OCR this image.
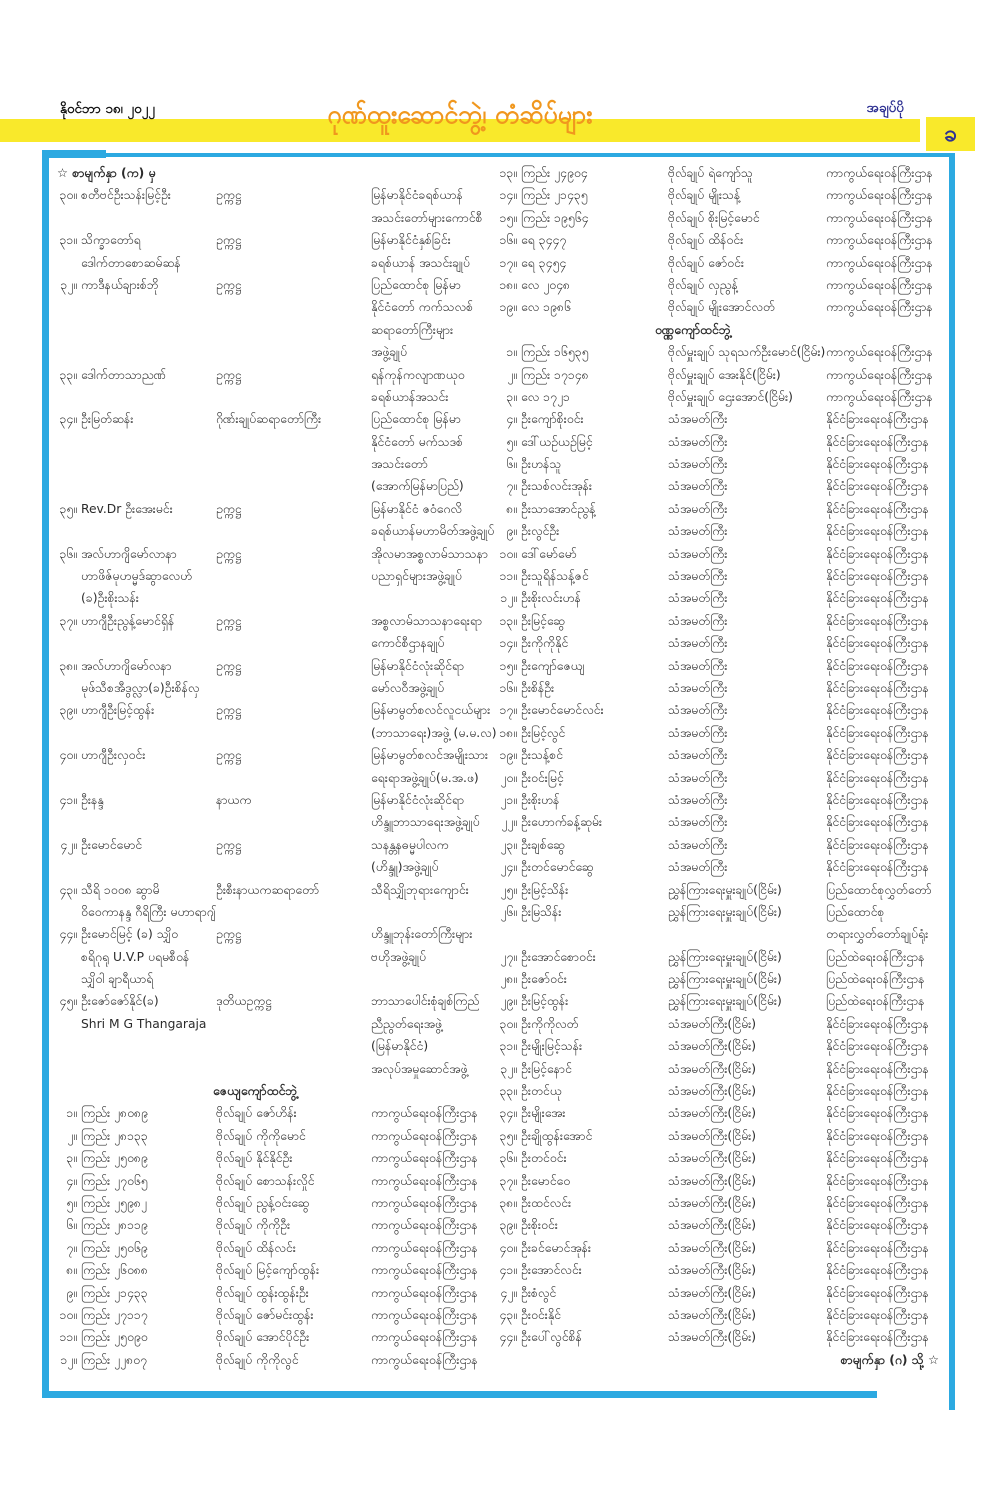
နိုဝင်ဘာ ၁၈၊ ၂၀၂၂	ဂုဏ်ထူးဆောင်ဘွဲ့၊ တံဆိပ်များ	အချပ်ပို
ခ
☆ စာမျက်နှာ (က) မှ
၃၀။ စတီဗင်ဦးသန်းမြင့်ဦး	ဥက္ကဋ္ဌ	မြန်မာနိုင်ငံခရစ်ယာန်
အသင်းတော်များကောင်စီ
၃၁။ သိက္ခာတော်ရ	ဥက္ကဋ္ဌ	မြန်မာနိုင်ငံနှစ်ခြင်း
ဒေါက်တာစောဆမ်ဆန်	ခရစ်ယာန် အသင်းချုပ်
၃၂။ ကာဒီနယ်ချားစ်ဘို	ဥက္ကဋ္ဌ	ပြည်ထောင်စု မြန်မာ
နိုင်ငံတော် ကက်သလစ်
ဆရာတော်ကြီးများ
အဖွဲ့ချုပ်
၃၃။ ဒေါက်တာသာညဏ်	ဥက္ကဋ္ဌ	ရန်ကုန်ကလျာဏယုဝ
ခရစ်ယာန်အသင်း
၃၄။ ဦးမြတ်ဆန်း	ဂိုဏ်းချုပ်ဆရာတော်ကြီး	ပြည်ထောင်စု မြန်မာ
နိုင်ငံတော် မက်သဒစ်
အသင်းတော်
(အောက်မြန်မာပြည်)
၃၅။ Rev.Dr ဦးအေးမင်း	ဥက္ကဋ္ဌ	မြန်မာနိုင်ငံ ဇဝံဂေလိ
ခရစ်ယာန်မဟာမိတ်အဖွဲ့ချုပ်
၃၆။ အလ်ဟာဂျိမော်လာနာ	ဥက္ကဋ္ဌ	အိုလမာအစ္စလာမ်သာသနာ
ဟာဖိဇ်မုဟမ္မဒ်ဆွာလေဟ်	ပညာရှင်များအဖွဲ့ချုပ်
(ခ)ဦးစိုးသန်း
၃၇။ ဟာဂျီဦးညွန့်မောင်ရှိန်	ဥက္ကဋ္ဌ	အစ္စလာမ်သာသနာရေးရာ
ကောင်စီဌာနချုပ်
၃၈။ အလ်ဟာဂျိမော်လနာ	ဥက္ကဋ္ဌ	မြန်မာနိုင်ငံလုံးဆိုင်ရာ
မုဖ်သီစအီဒွလ္လာ(ခ)ဦးစိန်လှ	မော်လဝီအဖွဲ့ချုပ်
၃၉။ ဟာဂျီဦးမြင့်ထွန်း	ဥက္ကဋ္ဌ	မြန်မာမွတ်စလင်လူငယ်များ
(ဘာသာရေး)အဖွဲ့ (မ.မ.လ)
၄၀။ ဟာဂျီဦးလှဝင်း	ဥက္ကဋ္ဌ	မြန်မာမွတ်စလင်အမျိုးသား
ရေးရာအဖွဲ့ချုပ်(မ.အ.ဖ)
၄၁။ ဦးနန္ဒ	နာယက	မြန်မာနိုင်ငံလုံးဆိုင်ရာ
ဟိန္ဒူဘာသာရေးအဖွဲ့ချုပ်
၄၂။ ဦးမောင်မောင်	ဥက္ကဋ္ဌ	သနန္တနဓမ္မပါလက
(ဟိန္ဒူ)အဖွဲ့ချုပ်
၄၃။ သီရိ ၁၀၀၈ ဆွာမိ	ဦးစီးနာယကဆရာတော်	သီရိသျှိုဘုရားကျောင်း
ဝိဝေကာနန္ဒ ဂီရိကြီး မဟာရာဂျ်
၄၄။ ဦးမောင်မြင့် (ခ) သျှိဝ	ဥက္ကဋ္ဌ	ဟိန္ဒူဘုန်းတော်ကြီးများ
စရိဂုရု U.V.P ပရမစီဝန်	ဗဟိုအဖွဲ့ချုပ်
သျှိဝါ ချာရီယာရ်
၄၅။ ဦးဇော်ဇော်နိုင်(ခ)	ဒုတိယဥက္ကဋ္ဌ	ဘာသာပေါင်းစုံချစ်ကြည်
Shri M G Thangaraja	ညီညွတ်ရေးအဖွဲ့
(မြန်မာနိုင်ငံ)
အလုပ်အမှုဆောင်အဖွဲ့
ဇေယျကျော်ထင်ဘွဲ့
၁။ ကြည်း ၂၈၀၈၉	ဗိုလ်ချုပ် ဇော်ဟိန်း	ကာကွယ်ရေးဝန်ကြီးဌာန
၂။ ကြည်း ၂၈၁၃၃	ဗိုလ်ချုပ် ကိုကိုမောင်	ကာကွယ်ရေးဝန်ကြီးဌာန
၃။ ကြည်း ၂၅၀၈၉	ဗိုလ်ချုပ် နိုင်နိုင်ဦး	ကာကွယ်ရေးဝန်ကြီးဌာန
၄။ ကြည်း ၂၇၀၆၅	ဗိုလ်ချုပ် စောသန်းလှိုင်	ကာကွယ်ရေးဝန်ကြီးဌာန
၅။ ကြည်း ၂၅၉၈၂	ဗိုလ်ချုပ် ညွန့်ဝင်းဆွေ	ကာကွယ်ရေးဝန်ကြီးဌာန
၆။ ကြည်း ၂၈၁၁၉	ဗိုလ်ချုပ် ကိုကိုဦး	ကာကွယ်ရေးဝန်ကြီးဌာန
၇။ ကြည်း ၂၅၀၆၉	ဗိုလ်ချုပ် ထိန်လင်း	ကာကွယ်ရေးဝန်ကြီးဌာန
၈။ ကြည်း ၂၆၀၈၈	ဗိုလ်ချုပ် မြင့်ကျော်ထွန်း	ကာကွယ်ရေးဝန်ကြီးဌာန
၉။ ကြည်း ၂၁၄၃၃	ဗိုလ်ချုပ် ထွန်းထွန်းဦး	ကာကွယ်ရေးဝန်ကြီးဌာန
၁၀။ ကြည်း ၂၇၁၁၇	ဗိုလ်ချုပ် ဇော်မင်းထွန်း	ကာကွယ်ရေးဝန်ကြီးဌာန
၁၁။ ကြည်း ၂၅၀၉၀	ဗိုလ်ချုပ် အောင်ပိုင်ဦး	ကာကွယ်ရေးဝန်ကြီးဌာန
၁၂။ ကြည်း ၂၂၈၀၇	ဗိုလ်ချုပ် ကိုကိုလွင်	ကာကွယ်ရေးဝန်ကြီးဌာန
၁၃။ ကြည်း ၂၄၉၀၄	ဗိုလ်ချုပ် ရဲကျော်သူ	ကာကွယ်ရေးဝန်ကြီးဌာန
၁၄။ ကြည်း ၂၁၄၃၅	ဗိုလ်ချုပ် မျိုးသန့်	ကာကွယ်ရေးဝန်ကြီးဌာန
၁၅။ ကြည်း ၁၉၅၆၄	ဗိုလ်ချုပ် စိုးမြင့်မောင်	ကာကွယ်ရေးဝန်ကြီးဌာန
၁၆။ ရေ ၃၄၄၇	ဗိုလ်ချုပ် ထိန်ဝင်း	ကာကွယ်ရေးဝန်ကြီးဌာန
၁၇။ ရေ ၃၄၅၄	ဗိုလ်ချုပ် ဇော်ဝင်း	ကာကွယ်ရေးဝန်ကြီးဌာန
၁၈။ လေ ၂၀၄၈	ဗိုလ်ချုပ် လှညွန့်	ကာကွယ်ရေးဝန်ကြီးဌာန
၁၉။ လေ ၁၉၈၆	ဗိုလ်ချုပ် မျိုးအောင်လတ်	ကာကွယ်ရေးဝန်ကြီးဌာန
ဝဏ္ဏကျော်ထင်ဘွဲ့
၁။ ကြည်း ၁၆၅၃၅	ဗိုလ်မှူးချုပ် သုရသက်ဦးမောင်(ငြိမ်း) ကာကွယ်ရေးဝန်ကြီးဌာန
၂။ ကြည်း ၁၇၁၄၈	ဗိုလ်မှူးချုပ် အေးနိုင်(ငြိမ်း)	ကာကွယ်ရေးဝန်ကြီးဌာန
၃။ လေ ၁၇၂၁	ဗိုလ်မှူးချုပ် ဌေးအောင်(ငြိမ်း)	ကာကွယ်ရေးဝန်ကြီးဌာန
၄။ ဦးကျော်စိုးဝင်း	သံအမတ်ကြီး	နိုင်ငံခြားရေးဝန်ကြီးဌာန
၅။ ဒေါ်ယဉ်ယဉ်မြင့်	သံအမတ်ကြီး	နိုင်ငံခြားရေးဝန်ကြီးဌာန
၆။ ဦးဟန်သူ	သံအမတ်ကြီး	နိုင်ငံခြားရေးဝန်ကြီးဌာန
၇။ ဦးသစ်လင်းအုန်း	သံအမတ်ကြီး	နိုင်ငံခြားရေးဝန်ကြီးဌာန
၈။ ဦးသာအောင်ညွန့်	သံအမတ်ကြီး	နိုင်ငံခြားရေးဝန်ကြီးဌာန
၉။ ဦးလွင်ဦး	သံအမတ်ကြီး	နိုင်ငံခြားရေးဝန်ကြီးဌာန
၁၀။ ဒေါ်မော်မော်	သံအမတ်ကြီး	နိုင်ငံခြားရေးဝန်ကြီးဌာန
၁၁။ ဦးသူရိန်သန့်ဇင်	သံအမတ်ကြီး	နိုင်ငံခြားရေးဝန်ကြီးဌာန
၁၂။ ဦးစိုးလင်းဟန်	သံအမတ်ကြီး	နိုင်ငံခြားရေးဝန်ကြီးဌာန
၁၃။ ဦးမြင့်ဆွေ	သံအမတ်ကြီး	နိုင်ငံခြားရေးဝန်ကြီးဌာန
၁၄။ ဦးကိုကိုနိုင်	သံအမတ်ကြီး	နိုင်ငံခြားရေးဝန်ကြီးဌာန
၁၅။ ဦးကျော်ဇေယျ	သံအမတ်ကြီး	နိုင်ငံခြားရေးဝန်ကြီးဌာန
၁၆။ ဦးစိန်ဦး	သံအမတ်ကြီး	နိုင်ငံခြားရေးဝန်ကြီးဌာန
၁၇။ ဦးမောင်မောင်လင်း	သံအမတ်ကြီး	နိုင်ငံခြားရေးဝန်ကြီးဌာန
၁၈။ ဦးမြင့်လွင်	သံအမတ်ကြီး	နိုင်ငံခြားရေးဝန်ကြီးဌာန
၁၉။ ဦးသန့်စင်	သံအမတ်ကြီး	နိုင်ငံခြားရေးဝန်ကြီးဌာန
၂၀။ ဦးဝင်းမြင့်	သံအမတ်ကြီး	နိုင်ငံခြားရေးဝန်ကြီးဌာန
၂၁။ ဦးစိုးဟန်	သံအမတ်ကြီး	နိုင်ငံခြားရေးဝန်ကြီးဌာန
၂၂။ ဦးဟောက်ခန့်ဆုမ်း	သံအမတ်ကြီး	နိုင်ငံခြားရေးဝန်ကြီးဌာန
၂၃။ ဦးချစ်ဆွေ	သံအမတ်ကြီး	နိုင်ငံခြားရေးဝန်ကြီးဌာန
၂၄။ ဦးတင်မောင်ဆွေ	သံအမတ်ကြီး	နိုင်ငံခြားရေးဝန်ကြီးဌာန
၂၅။ ဦးမြင့်သိန်း	ညွှန်ကြားရေးမှူးချုပ်(ငြိမ်း)	ပြည်ထောင်စုလွှတ်တော်
၂၆။ ဦးမြသိန်း	ညွှန်ကြားရေးမှူးချုပ်(ငြိမ်း)	ပြည်ထောင်စု
တရားလွှတ်တော်ချုပ်ရုံး
၂၇။ ဦးအောင်စောဝင်း	ညွှန်ကြားရေးမှူးချုပ်(ငြိမ်း)	ပြည်ထဲရေးဝန်ကြီးဌာန
၂၈။ ဦးဇော်ဝင်း	ညွှန်ကြားရေးမှူးချုပ်(ငြိမ်း)	ပြည်ထဲရေးဝန်ကြီးဌာန
၂၉။ ဦးမြင့်ထွန်း	ညွှန်ကြားရေးမှူးချုပ်(ငြိမ်း)	ပြည်ထဲရေးဝန်ကြီးဌာန
၃၀။ ဦးကိုကိုလတ်	သံအမတ်ကြီး(ငြိမ်း)	နိုင်ငံခြားရေးဝန်ကြီးဌာန
၃၁။ ဦးမျိုးမြင့်သန်း	သံအမတ်ကြီး(ငြိမ်း)	နိုင်ငံခြားရေးဝန်ကြီးဌာန
၃၂။ ဦးမြင့်နောင်	သံအမတ်ကြီး(ငြိမ်း)	နိုင်ငံခြားရေးဝန်ကြီးဌာန
၃၃။ ဦးတင်ယု	သံအမတ်ကြီး(ငြိမ်း)	နိုင်ငံခြားရေးဝန်ကြီးဌာန
၃၄။ ဦးမျိုးအေး	သံအမတ်ကြီး(ငြိမ်း)	နိုင်ငံခြားရေးဝန်ကြီးဌာန
၃၅။ ဦးချိုထွန်းအောင်	သံအမတ်ကြီး(ငြိမ်း)	နိုင်ငံခြားရေးဝန်ကြီးဌာန
၃၆။ ဦးတင်ဝင်း	သံအမတ်ကြီး(ငြိမ်း)	နိုင်ငံခြားရေးဝန်ကြီးဌာန
၃၇။ ဦးမောင်ဝေ	သံအမတ်ကြီး(ငြိမ်း)	နိုင်ငံခြားရေးဝန်ကြီးဌာန
၃၈။ ဦးထင်လင်း	သံအမတ်ကြီး(ငြိမ်း)	နိုင်ငံခြားရေးဝန်ကြီးဌာန
၃၉။ ဦးစိုးဝင်း	သံအမတ်ကြီး(ငြိမ်း)	နိုင်ငံခြားရေးဝန်ကြီးဌာန
၄၀။ ဦးခင်မောင်အုန်း	သံအမတ်ကြီး(ငြိမ်း)	နိုင်ငံခြားရေးဝန်ကြီးဌာန
၄၁။ ဦးအောင်လင်း	သံအမတ်ကြီး(ငြိမ်း)	နိုင်ငံခြားရေးဝန်ကြီးဌာန
၄၂။ ဦးစံလွင်	သံအမတ်ကြီး(ငြိမ်း)	နိုင်ငံခြားရေးဝန်ကြီးဌာန
၄၃။ ဦးဝင်းနိုင်	သံအမတ်ကြီး(ငြိမ်း)	နိုင်ငံခြားရေးဝန်ကြီးဌာန
၄၄။ ဦးပေါ်လွင်စိန်	သံအမတ်ကြီး(ငြိမ်း)	နိုင်ငံခြားရေးဝန်ကြီးဌာန
စာမျက်နှာ (ဂ) သို့ ☆
